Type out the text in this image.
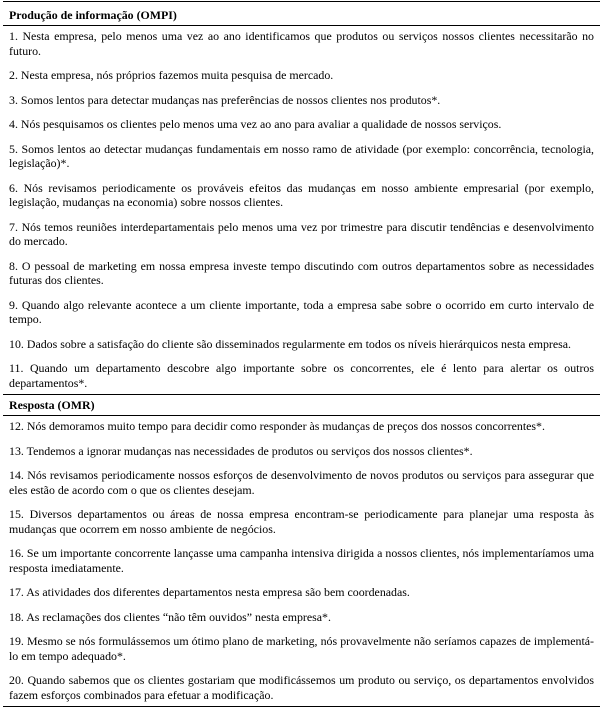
Produção de informação (OMPI)
1. Nesta empresa, pelo menos uma vez ao ano identificamos que produtos ou serviços nossos clientes necessitarão no futuro.
2. Nesta empresa, nós próprios fazemos muita pesquisa de mercado.
3. Somos lentos para detectar mudanças nas preferências de nossos clientes nos produtos*.
4. Nós pesquisamos os clientes pelo menos uma vez ao ano para avaliar a qualidade de nossos serviços.
5. Somos lentos ao detectar mudanças fundamentais em nosso ramo de atividade (por exemplo: concorrência, tecnologia, legislação)*.
6. Nós revisamos periodicamente os prováveis efeitos das mudanças em nosso ambiente empresarial (por exemplo, legislação, mudanças na economia) sobre nossos clientes.
7. Nós temos reuniões interdepartamentais pelo menos uma vez por trimestre para discutir tendências e desenvolvimento do mercado.
8. O pessoal de marketing em nossa empresa investe tempo discutindo com outros departamentos sobre as necessidades futuras dos clientes.
9. Quando algo relevante acontece a um cliente importante, toda a empresa sabe sobre o ocorrido em curto intervalo de tempo.
10. Dados sobre a satisfação do cliente são disseminados regularmente em todos os níveis hierárquicos nesta empresa.
11. Quando um departamento descobre algo importante sobre os concorrentes, ele é lento para alertar os outros departamentos*.
Resposta (OMR)
12. Nós demoramos muito tempo para decidir como responder às mudanças de preços dos nossos concorrentes*.
13. Tendemos a ignorar mudanças nas necessidades de produtos ou serviços dos nossos clientes*.
14. Nós revisamos periodicamente nossos esforços de desenvolvimento de novos produtos ou serviços para assegurar que eles estão de acordo com o que os clientes desejam.
15. Diversos departamentos ou áreas de nossa empresa encontram-se periodicamente para planejar uma resposta às mudanças que ocorrem em nosso ambiente de negócios.
16. Se um importante concorrente lançasse uma campanha intensiva dirigida a nossos clientes, nós implementaríamos uma resposta imediatamente.
17. As atividades dos diferentes departamentos nesta empresa são bem coordenadas.
18. As reclamações dos clientes “não têm ouvidos” nesta empresa*.
19. Mesmo se nós formulássemos um ótimo plano de marketing, nós provavelmente não seríamos capazes de implementá-lo em tempo adequado*.
20. Quando sabemos que os clientes gostariam que modificássemos um produto ou serviço, os departamentos envolvidos fazem esforços combinados para efetuar a modificação.
